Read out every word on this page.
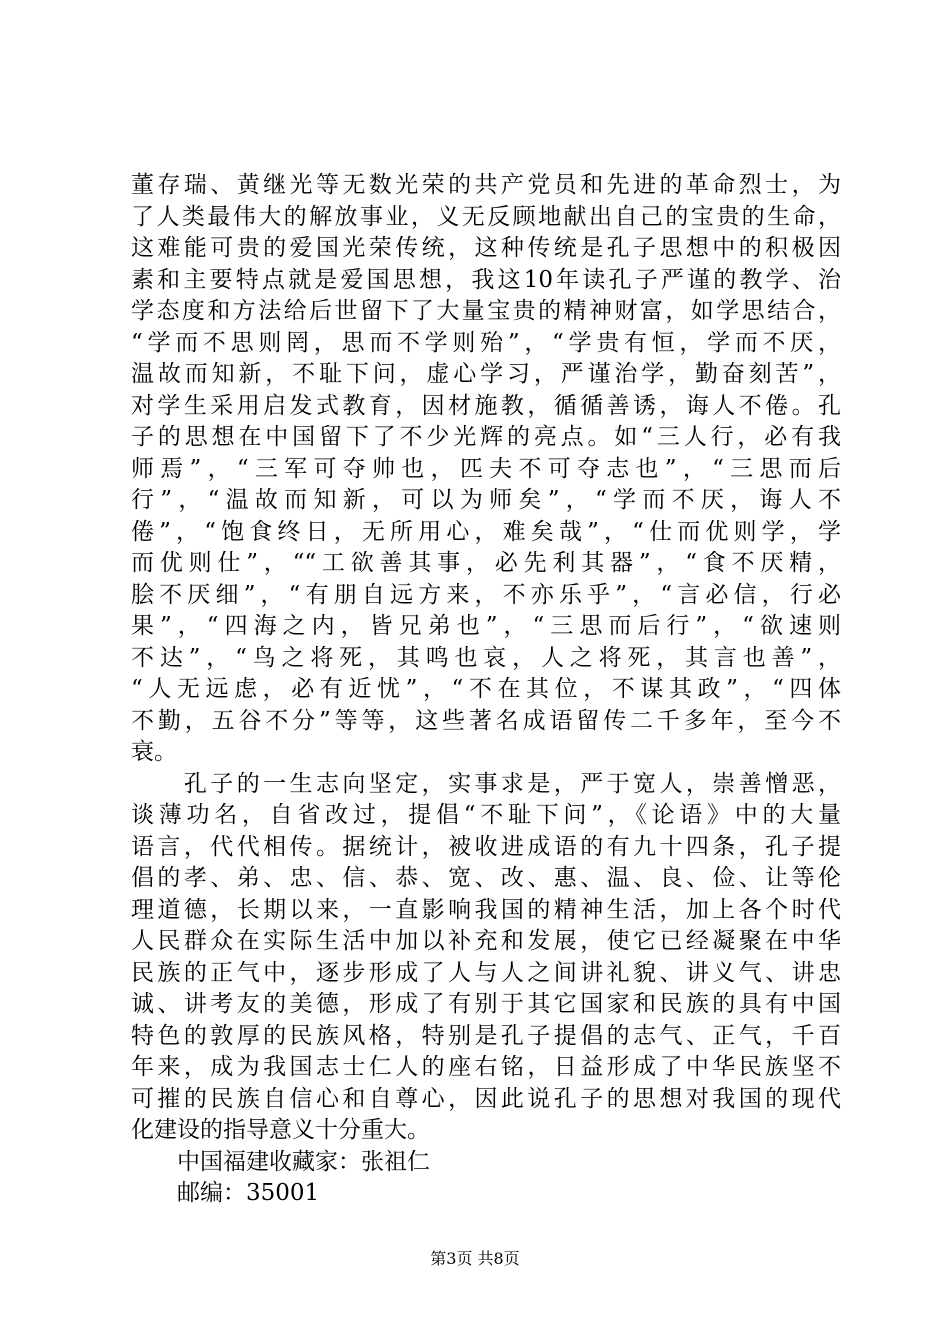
董存瑞、黄继光等无数光荣的共产党员和先进的革命烈士，为
了人类最伟大的解放事业，义无反顾地献出自己的宝贵的生命，
这难能可贵的爱国光荣传统，这种传统是孔子思想中的积极因
素和主要特点就是爱国思想，我这10年读孔子严谨的教学、治
学态度和方法给后世留下了大量宝贵的精神财富，如学思结合，
“学而不思则罔，思而不学则殆”，“学贵有恒，学而不厌，
温故而知新，不耻下问，虚心学习，严谨治学，勤奋刻苦”，
对学生采用启发式教育，因材施教，循循善诱，诲人不倦。孔
子的思想在中国留下了不少光辉的亮点。如“三人行，必有我
师焉”，“三军可夺帅也，匹夫不可夺志也”，“三思而后
行”，“温故而知新，可以为师矣”，“学而不厌，诲人不
倦”，“饱食终日，无所用心，难矣哉”，“仕而优则学，学
而优则仕”，““工欲善其事，必先利其器”，“食不厌精，
脍不厌细”，“有朋自远方来，不亦乐乎”，“言必信，行必
果”，“四海之内，皆兄弟也”，“三思而后行”，“欲速则
不达”，“鸟之将死，其鸣也哀，人之将死，其言也善”，
“人无远虑，必有近忧”，“不在其位，不谋其政”，“四体
不勤，五谷不分”等等，这些著名成语留传二千多年，至今不
衰。
　　孔子的一生志向坚定，实事求是，严于宽人，崇善憎恶，
谈薄功名，自省改过，提倡“不耻下问”，《论语》中的大量
语言，代代相传。据统计，被收进成语的有九十四条，孔子提
倡的孝、弟、忠、信、恭、宽、改、惠、温、良、俭、让等伦
理道德，长期以来，一直影响我国的精神生活，加上各个时代
人民群众在实际生活中加以补充和发展，使它已经凝聚在中华
民族的正气中，逐步形成了人与人之间讲礼貌、讲义气、讲忠
诚、讲考友的美德，形成了有别于其它国家和民族的具有中国
特色的敦厚的民族风格，特别是孔子提倡的志气、正气，千百
年来，成为我国志士仁人的座右铭，日益形成了中华民族坚不
可摧的民族自信心和自尊心，因此说孔子的思想对我国的现代
化建设的指导意义十分重大。
中国福建收藏家：张祖仁
邮编：35001
第3页 共8页
